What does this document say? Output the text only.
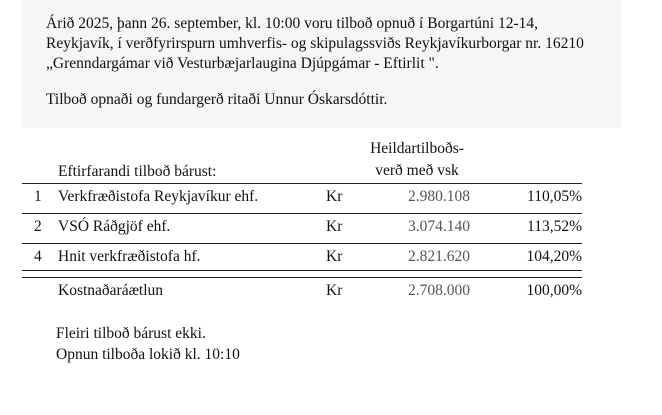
Árið 2025, þann 26. september, kl. 10:00 voru tilboð opnuð í Borgartúni 12-14,
Reykjavík, í verðfyrirspurn umhverfis- og skipulagssviðs Reykjavíkurborgar nr. 16210
„Grenndargámar við Vesturbæjarlaugina Djúpgámar - Eftirlit ".
Tilboð opnaði og fundargerð ritaði Unnur Óskarsdóttir.
Heildartilboðs-
verð með vsk
Eftirfarandi tilboð bárust:
1 Verkfræðistofa Reykjavíkur ehf.	Kr	2.980.108	110,05%
2 VSÓ Ráðgjöf ehf.	Kr	3.074.140	113,52%
4 Hnit verkfræðistofa hf.	Kr	2.821.620	104,20%
Kostnaðaráætlun	Kr	2.708.000	100,00%
Fleiri tilboð bárust ekki.
Opnun tilboða lokið kl. 10:10
